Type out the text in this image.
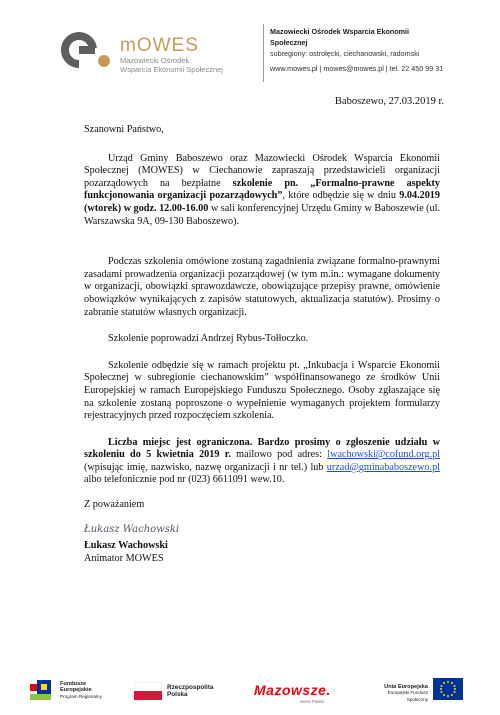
mOWES
Mazowiecki Ośrodek
Wsparcia Ekonomii Społecznej
Mazowiecki Ośrodek Wsparcia Ekonomii
Społecznej
subregiony: ostrołęcki, ciechanowski, radomski
www.mowes.pl | mowes@mowes.pl | tel. 22 450 99 31
Baboszewo, 27.03.2019 r.

Szanowni Państwo,

Urząd Gminy Baboszewo oraz Mazowiecki Ośrodek Wsparcia Ekonomii Społecznej (MOWES) w Ciechanowie zapraszają przedstawicieli organizacji pozarządowych na bezpłatne szkolenie pn. „Formalno-prawne aspekty funkcjonowania organizacji pozarządowych”, które odbędzie się w dniu 9.04.2019 (wtorek) w godz. 12.00-16.00 w sali konferencyjnej Urzędu Gminy w Baboszewie (ul. Warszawska 9A, 09-130 Baboszewo).

Podczas szkolenia omówione zostaną zagadnienia związane formalno-prawnymi zasadami prowadzenia organizacji pozarządowej (w tym m.in.: wymagane dokumenty w organizacji, obowiązki sprawozdawcze, obowiązujące przepisy prawne, omówienie obowiązków wynikających z zapisów statutowych, aktualizacja statutów). Prosimy o zabranie statutów własnych organizacji.

Szkolenie poprowadzi Andrzej Rybus-Tołłoczko.

Szkolenie odbędzie się w ramach projektu pt. „Inkubacja i Wsparcie Ekonomii Społecznej w subregionie ciechanowskim” współfinansowanego ze środków Unii Europejskiej w ramach Europejskiego Funduszu Społecznego. Osoby zgłaszające się na szkolenie zostaną poproszone o wypełnienie wymaganych projektem formularzy rejestracyjnych przed rozpoczęciem szkolenia.

Liczba miejsc jest ograniczona. Bardzo prosimy o zgłoszenie udziału w szkoleniu do 5 kwietnia 2019 r. mailowo pod adres: lwachowski@cofund.org.pl (wpisując imię, nazwisko, nazwę organizacji i nr tel.) lub urzad@gminababoszewo.pl albo telefonicznie pod nr (023) 6611091 wew.10.

Z poważaniem
Łukasz Wachowski
Łukasz Wachowski
Animator MOWES
Fundusze
Europejskie
Program Regionalny
Rzeczpospolita
Polska	Mazowsze.
serce Polski
Unia Europejska
Europejski Fundusz Społeczny
